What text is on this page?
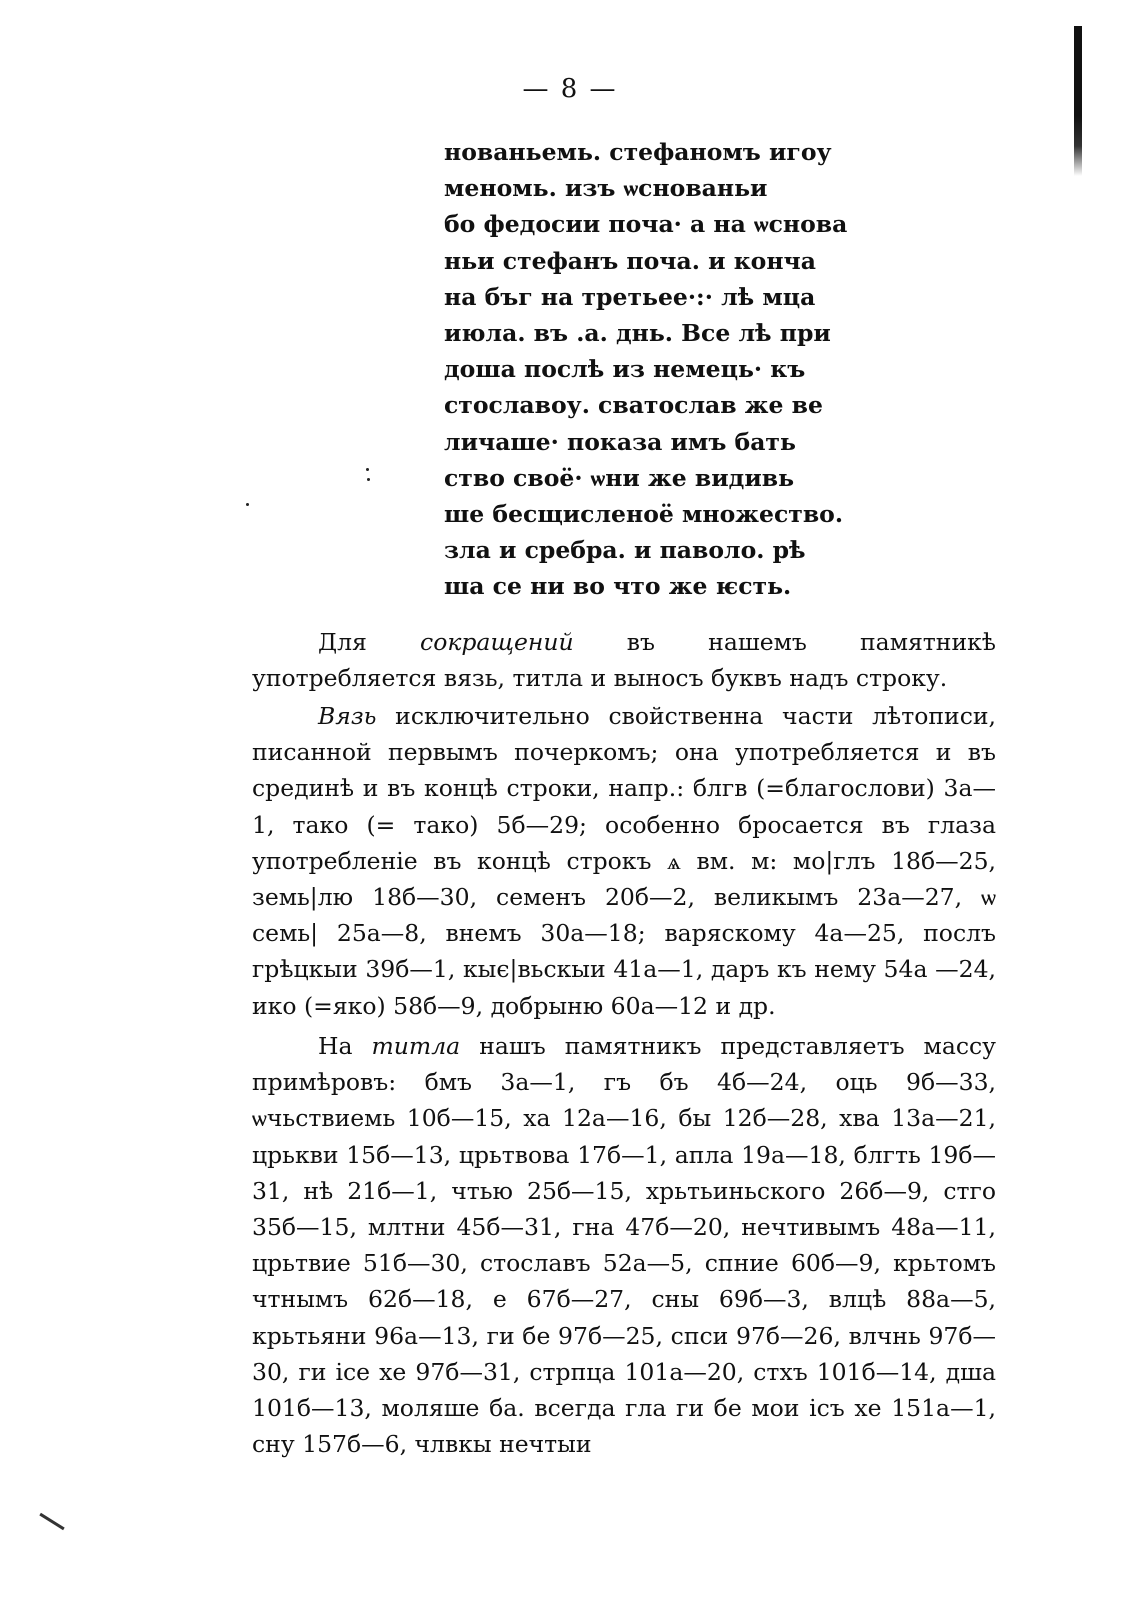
— 8 —
нованьемь. стефаномъ игоу
меномь. изъ ѡснованьи
бо федосии поча· а на ѡснова
ньи стефанъ поча. и конча
на бъг на третьее·:· лѣ мца
июла. въ .а. днь. Все лѣ при
доша послѣ из немець· къ
стославоу. сватослав же ве
личаше· показа имъ бать
ство своё· ѡни же видивь
ше бесщисленоё множество.
зла и сребра. и паволо. рѣ
ша се ни во что же ѥсть.

Для сокращений въ нашемъ памятникѣ употребляется вязь, титла и выносъ буквъ надъ строку.

Вязь исключительно свойственна части лѣтописи, писанной первымъ почеркомъ; она употребляется и въ срединѣ и въ концѣ строки, напр.: блгв (=благослови) 3а—1, тако (= тако) 5б—29; особенно бросается въ глаза употребленіе въ концѣ строкъ ѧ вм. м: мо|глъ 18б—25, земь|лю 18б—30, семенъ 20б—2, великымъ 23а—27, ѡ семь| 25а—8, внемъ 30а—18; варяскому 4а—25, послъ грѣцкыи 39б—1, кыє|вьскыи 41а—1, даръ къ нему 54а —24, ико (=яко) 58б—9, добрыню 60а—12 и др.

На титла нашъ памятникъ представляетъ массу примѣровъ: бмъ 3а—1, гъ бъ 4б—24, оць 9б—33, ѡчьствиемь 10б—15, ха 12а—16, бы 12б—28, хва 13а—21, црькви 15б—13, црьтвова 17б—1, апла 19а—18, блгть 19б—31, нѣ 21б—1, чтью 25б—15, хрьтьиньского 26б—9, стго 35б—15, млтни 45б—31, гна 47б—20, нечтивымъ 48а—11, црьтвие 51б—30, стославъ 52а—5, спние 60б—9, крьтомъ чтнымъ 62б—18, е 67б—27, сны 69б—3, влцѣ 88а—5, крьтьяни 96а—13, ги бе 97б—25, спси 97б—26, влчнь 97б—30, ги ісе хе 97б—31, стрпца 101а—20, стхъ 101б—14, дша 101б—13, моляше ба. всегда гла ги бе мои ісъ хе 151а—1, сну 157б—6, члвкы нечтыи
